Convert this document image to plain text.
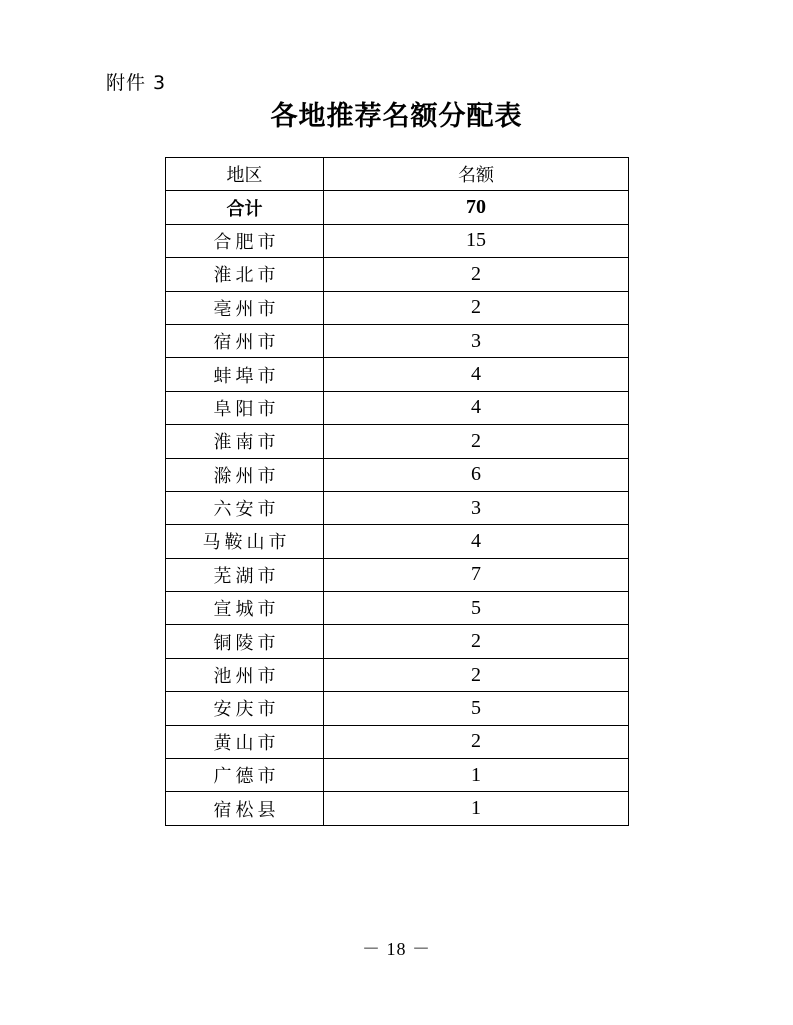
附件 3
各地推荐名额分配表
地区	名额
合计	70
合肥市	15
淮北市	2
亳州市	2
宿州市	3
蚌埠市	4
阜阳市	4
淮南市	2
滁州市	6
六安市	3
马鞍山市	4
芜湖市	7
宣城市	5
铜陵市	2
池州市	2
安庆市	5
黄山市	2
广德市	1
宿松县	1
－ 18 －
